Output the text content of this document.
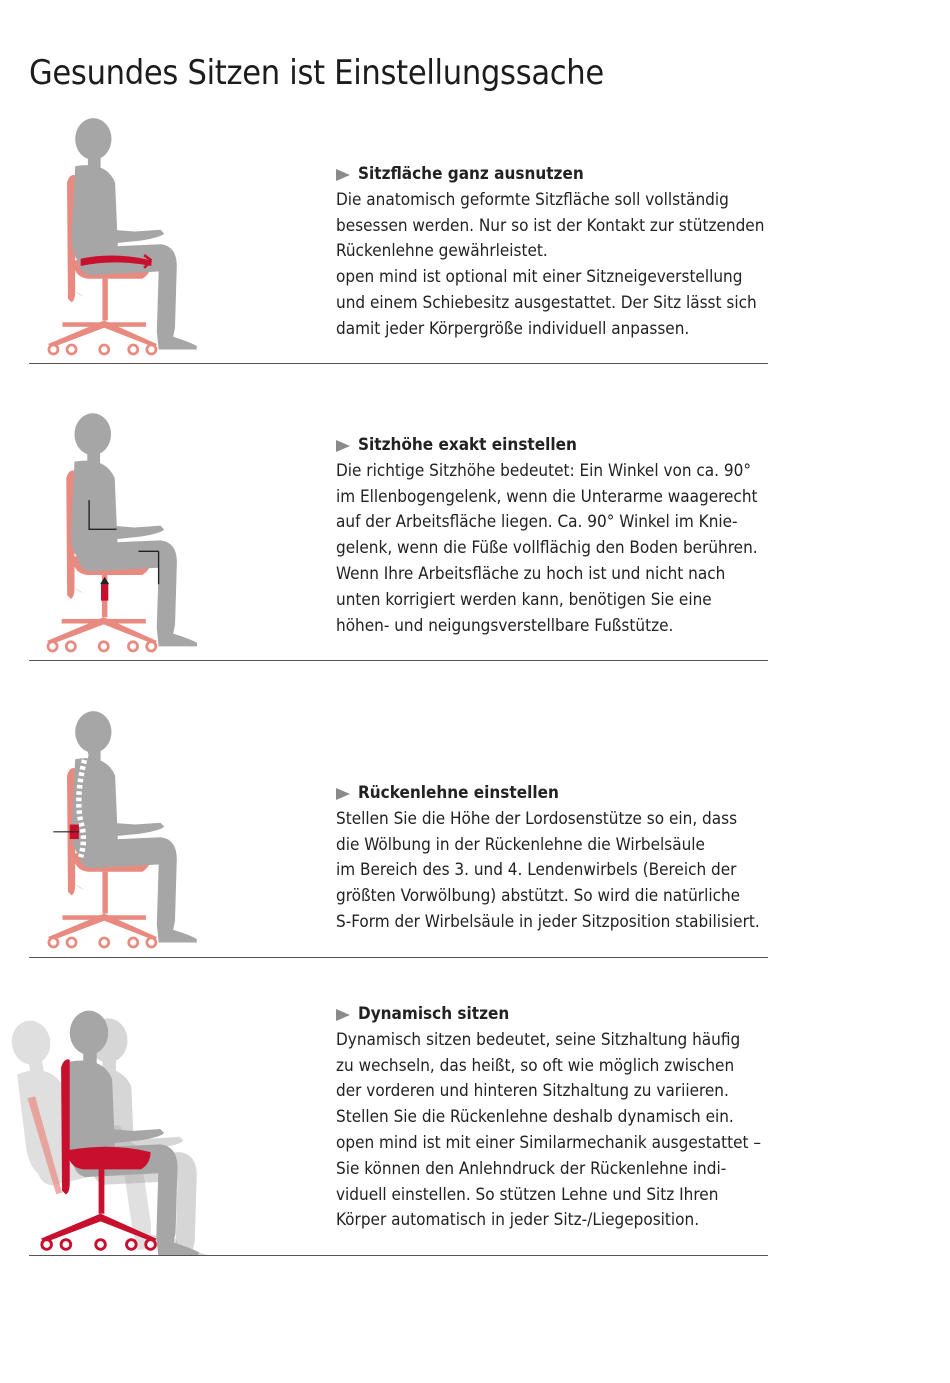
Gesundes Sitzen ist Einstellungssache
Sitzfläche ganz ausnutzen
Die anatomisch geformte Sitzfläche soll vollständig
besessen werden. Nur so ist der Kontakt zur stützenden
Rückenlehne gewährleistet.
open mind ist optional mit einer Sitzneigeverstellung
und einem Schiebesitz ausgestattet. Der Sitz lässt sich
damit jeder Körpergröße individuell anpassen.
Sitzhöhe exakt einstellen
Die richtige Sitzhöhe bedeutet: Ein Winkel von ca. 90°
im Ellenbogengelenk, wenn die Unterarme waagerecht
auf der Arbeitsfläche liegen. Ca. 90° Winkel im Knie-
gelenk, wenn die Füße vollflächig den Boden berühren.
Wenn Ihre Arbeitsfläche zu hoch ist und nicht nach
unten korrigiert werden kann, benötigen Sie eine
höhen- und neigungsverstellbare Fußstütze.
Rückenlehne einstellen
Stellen Sie die Höhe der Lordosenstütze so ein, dass
die Wölbung in der Rückenlehne die Wirbelsäule
im Bereich des 3. und 4. Lendenwirbels (Bereich der
größten Vorwölbung) abstützt. So wird die natürliche
S-Form der Wirbelsäule in jeder Sitzposition stabilisiert.
Dynamisch sitzen
Dynamisch sitzen bedeutet, seine Sitzhaltung häufig
zu wechseln, das heißt, so oft wie möglich zwischen
der vorderen und hinteren Sitzhaltung zu variieren.
Stellen Sie die Rückenlehne deshalb dynamisch ein.
open mind ist mit einer Similarmechanik ausgestattet –
Sie können den Anlehndruck der Rückenlehne indi-
viduell einstellen. So stützen Lehne und Sitz Ihren
Körper automatisch in jeder Sitz-/Liegeposition.
